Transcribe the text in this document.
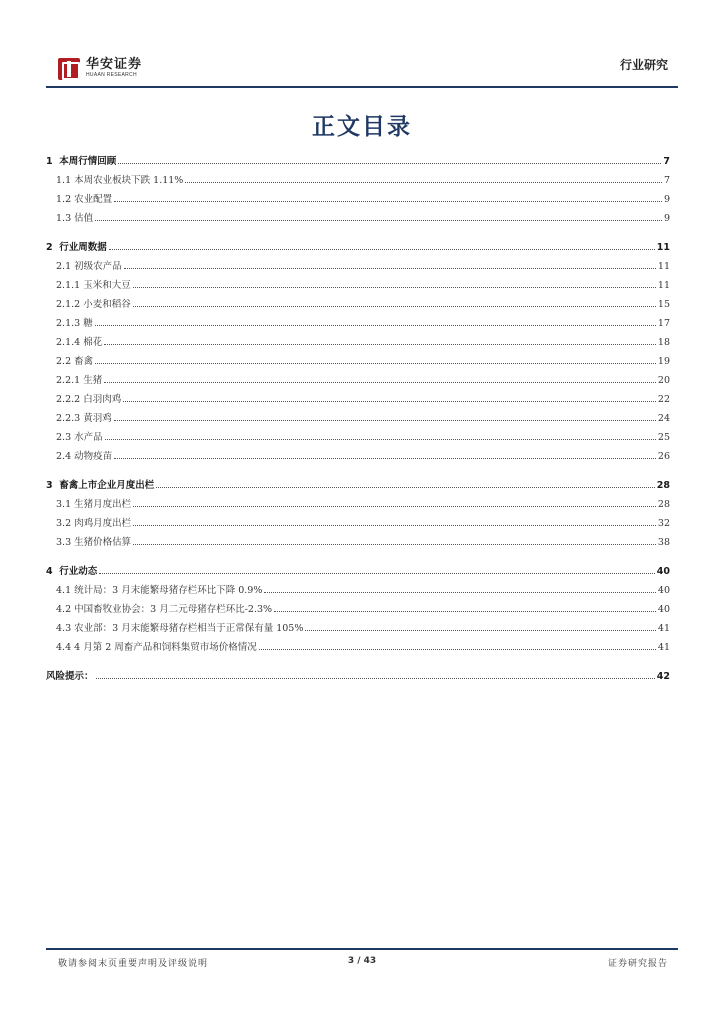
华安证券
HUAAN RESEARCH
行业研究
正文目录
1  本周行情回顾	7
1.1 本周农业板块下跌 1.11%	7
1.2 农业配置	9
1.3 估值	9
2  行业周数据	11
2.1 初级农产品	11
2.1.1 玉米和大豆	11
2.1.2 小麦和稻谷	15
2.1.3 糖	17
2.1.4 棉花	18
2.2 畜禽	19
2.2.1 生猪	20
2.2.2 白羽肉鸡	22
2.2.3 黄羽鸡	24
2.3 水产品	25
2.4 动物疫苗	26
3  畜禽上市企业月度出栏	28
3.1 生猪月度出栏	28
3.2 肉鸡月度出栏	32
3.3 生猪价格估算	38
4  行业动态	40
4.1 统计局：3 月末能繁母猪存栏环比下降 0.9%	40
4.2 中国畜牧业协会：3 月二元母猪存栏环比-2.3%	40
4.3 农业部：3 月末能繁母猪存栏相当于正常保有量 105%	41
4.4 4 月第 2 周畜产品和饲料集贸市场价格情况	41
风险提示：	42
敬请参阅末页重要声明及评级说明	3 / 43	证券研究报告
